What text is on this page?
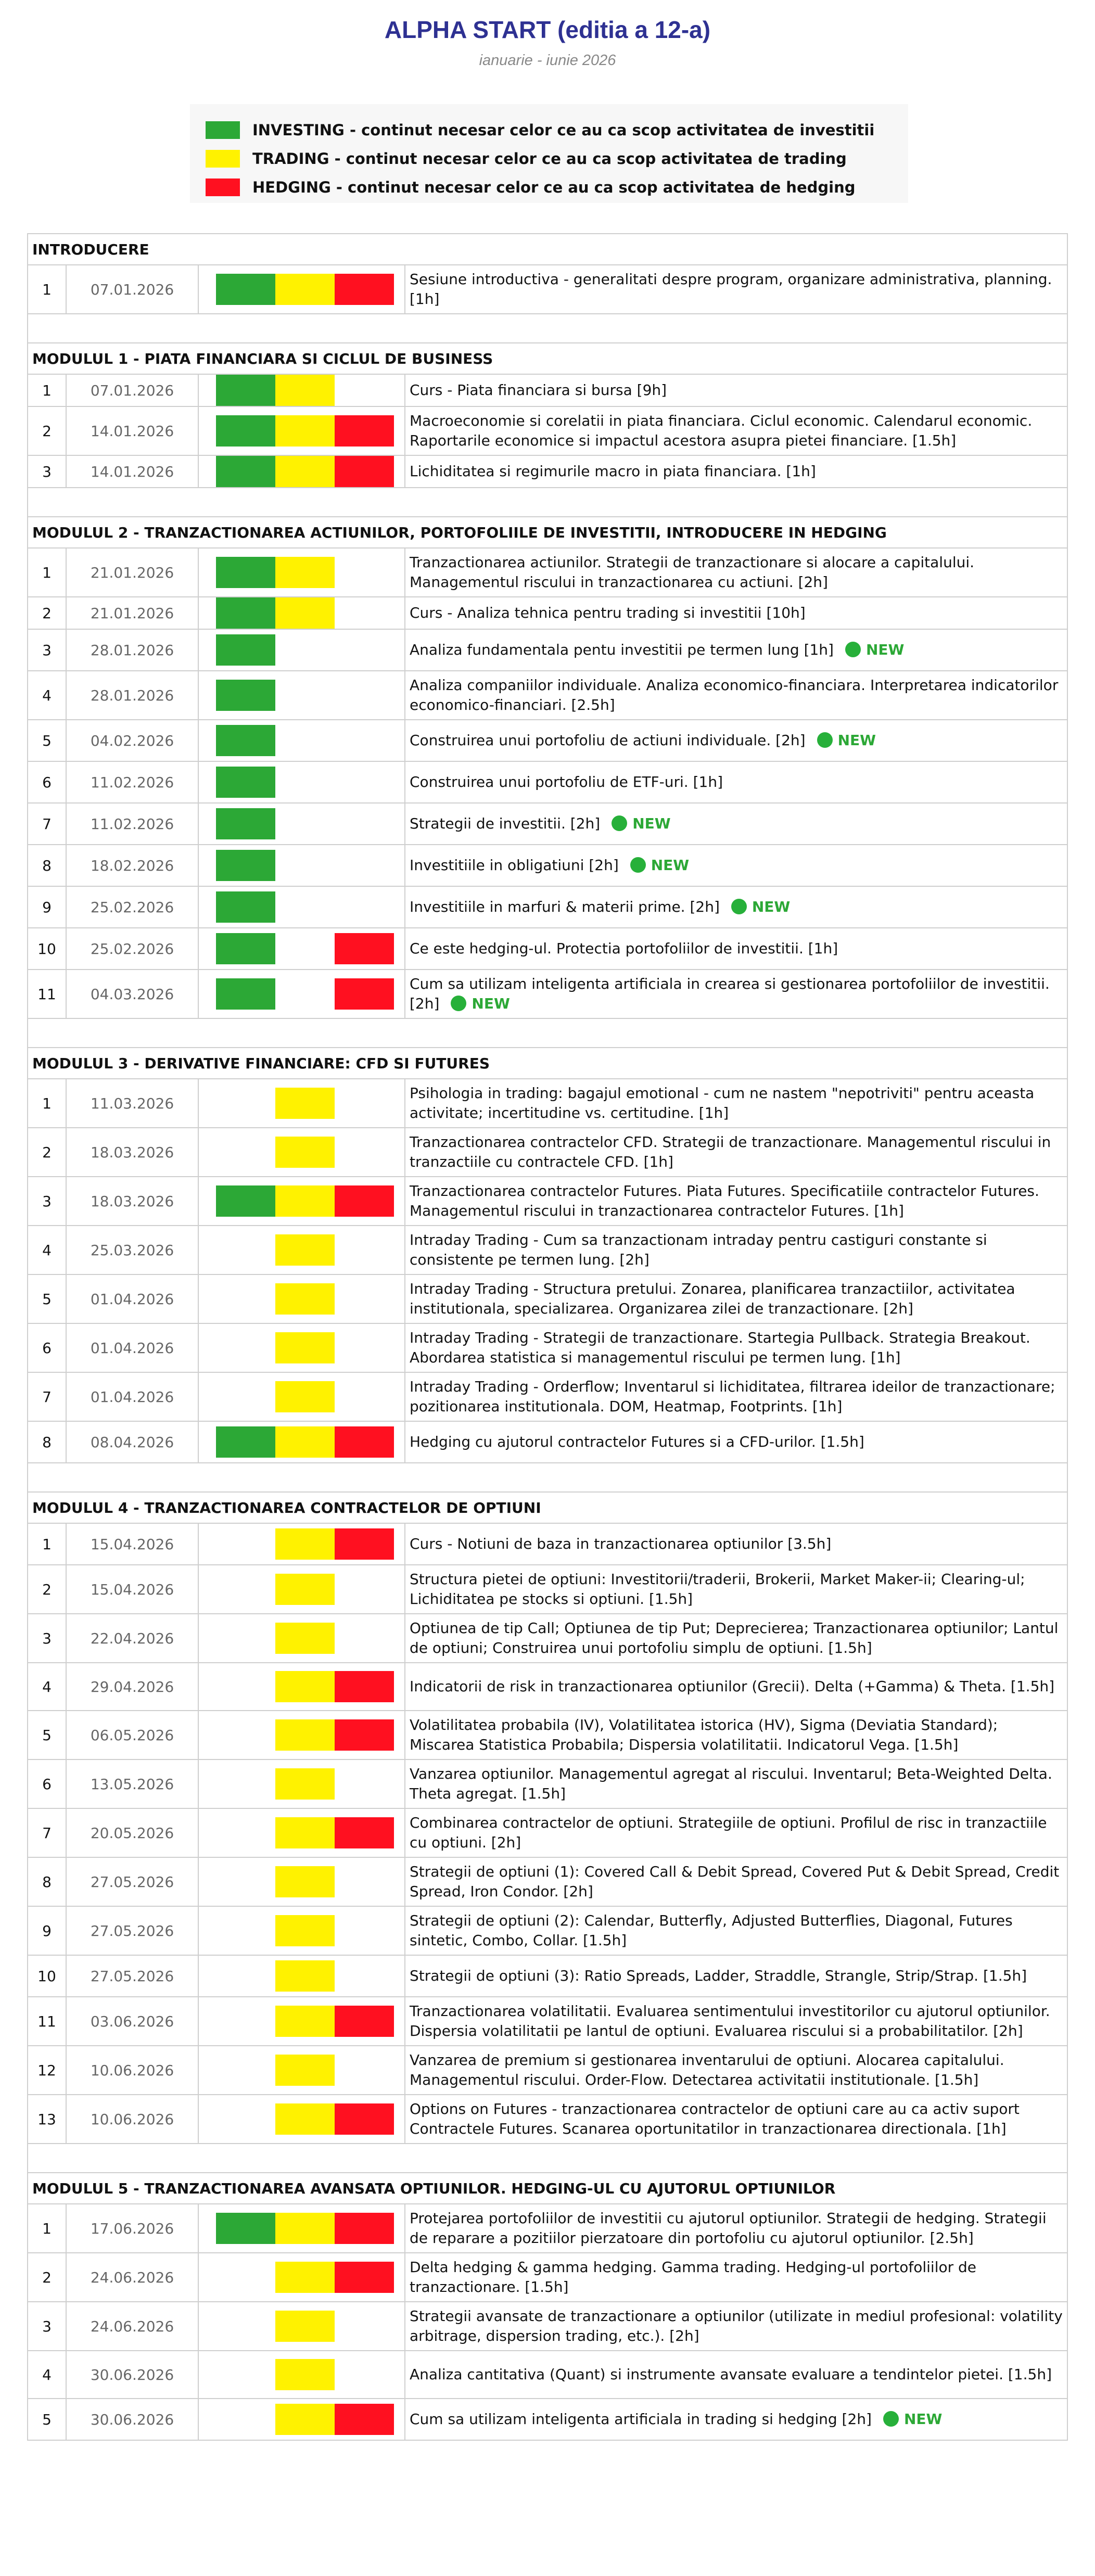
ALPHA START (editia a 12-a)
ianuarie - iunie 2026
INVESTING - continut necesar celor ce au ca scop activitatea de investitii
TRADING - continut necesar celor ce au ca scop activitatea de trading
HEDGING - continut necesar celor ce au ca scop activitatea de hedging
INTRODUCERE			
1	07.01.2026		Sesiune introductiva - generalitati despre program, organizare administrativa, planning. [1h]

MODULUL 1 - PIATA FINANCIARA SI CICLUL DE BUSINESS			
1	07.01.2026		Curs - Piata financiara si bursa [9h]
2	14.01.2026		Macroeconomie si corelatii in piata financiara. Ciclul economic. Calendarul economic. Raportarile economice si impactul acestora asupra pietei financiare. [1.5h]
3	14.01.2026		Lichiditatea si regimurile macro in piata financiara. [1h]

MODULUL 2 - TRANZACTIONAREA ACTIUNILOR, PORTOFOLIILE DE INVESTITII, INTRODUCERE IN HEDGING			
1	21.01.2026		Tranzactionarea actiunilor. Strategii de tranzactionare si alocare a capitalului. Managementul riscului in tranzactionarea cu actiuni. [2h]
2	21.01.2026		Curs - Analiza tehnica pentru trading si investitii [10h]
3	28.01.2026		Analiza fundamentala pentu investitii pe termen lung [1h] NEW
4	28.01.2026		Analiza companiilor individuale. Analiza economico-financiara. Interpretarea indicatorilor economico-financiari. [2.5h]
5	04.02.2026		Construirea unui portofoliu de actiuni individuale. [2h] NEW
6	11.02.2026		Construirea unui portofoliu de ETF-uri. [1h]
7	11.02.2026		Strategii de investitii. [2h] NEW
8	18.02.2026		Investitiile in obligatiuni [2h] NEW
9	25.02.2026		Investitiile in marfuri & materii prime. [2h] NEW
10	25.02.2026		Ce este hedging-ul. Protectia portofoliilor de investitii. [1h]
11	04.03.2026		Cum sa utilizam inteligenta artificiala in crearea si gestionarea portofoliilor de investitii. [2h] NEW

MODULUL 3 - DERIVATIVE FINANCIARE: CFD SI FUTURES			
1	11.03.2026		Psihologia in trading: bagajul emotional - cum ne nastem "nepotriviti" pentru aceasta activitate; incertitudine vs. certitudine. [1h]
2	18.03.2026		Tranzactionarea contractelor CFD. Strategii de tranzactionare. Managementul riscului in tranzactiile cu contractele CFD. [1h]
3	18.03.2026		Tranzactionarea contractelor Futures. Piata Futures. Specificatiile contractelor Futures. Managementul riscului in tranzactionarea contractelor Futures. [1h]
4	25.03.2026		Intraday Trading - Cum sa tranzactionam intraday pentru castiguri constante si consistente pe termen lung. [2h]
5	01.04.2026		Intraday Trading - Structura pretului. Zonarea, planificarea tranzactiilor, activitatea institutionala, specializarea. Organizarea zilei de tranzactionare. [2h]
6	01.04.2026		Intraday Trading - Strategii de tranzactionare. Startegia Pullback. Strategia Breakout. Abordarea statistica si managementul riscului pe termen lung. [1h]
7	01.04.2026		Intraday Trading - Orderflow; Inventarul si lichiditatea, filtrarea ideilor de tranzactionare; pozitionarea institutionala. DOM, Heatmap, Footprints. [1h]
8	08.04.2026		Hedging cu ajutorul contractelor Futures si a CFD-urilor. [1.5h]

MODULUL 4 - TRANZACTIONAREA CONTRACTELOR DE OPTIUNI			
1	15.04.2026		Curs - Notiuni de baza in tranzactionarea optiunilor [3.5h]
2	15.04.2026		Structura pietei de optiuni: Investitorii/traderii, Brokerii, Market Maker-ii; Clearing-ul; Lichiditatea pe stocks si optiuni. [1.5h]
3	22.04.2026		Optiunea de tip Call; Optiunea de tip Put; Deprecierea; Tranzactionarea optiunilor; Lantul de optiuni; Construirea unui portofoliu simplu de optiuni. [1.5h]
4	29.04.2026		Indicatorii de risk in tranzactionarea optiunilor (Grecii). Delta (+Gamma) & Theta. [1.5h]
5	06.05.2026		Volatilitatea probabila (IV), Volatilitatea istorica (HV), Sigma (Deviatia Standard); Miscarea Statistica Probabila; Dispersia volatilitatii. Indicatorul Vega. [1.5h]
6	13.05.2026		Vanzarea optiunilor. Managementul agregat al riscului. Inventarul; Beta-Weighted Delta. Theta agregat. [1.5h]
7	20.05.2026		Combinarea contractelor de optiuni. Strategiile de optiuni. Profilul de risc in tranzactiile cu optiuni. [2h]
8	27.05.2026		Strategii de optiuni (1): Covered Call & Debit Spread, Covered Put & Debit Spread, Credit Spread, Iron Condor. [2h]
9	27.05.2026		Strategii de optiuni (2): Calendar, Butterfly, Adjusted Butterflies, Diagonal, Futures sintetic, Combo, Collar. [1.5h]
10	27.05.2026		Strategii de optiuni (3): Ratio Spreads, Ladder, Straddle, Strangle, Strip/Strap. [1.5h]
11	03.06.2026		Tranzactionarea volatilitatii. Evaluarea sentimentului investitorilor cu ajutorul optiunilor. Dispersia volatilitatii pe lantul de optiuni. Evaluarea riscului si a probabilitatilor. [2h]
12	10.06.2026		Vanzarea de premium si gestionarea inventarului de optiuni. Alocarea capitalului. Managementul riscului. Order-Flow. Detectarea activitatii institutionale. [1.5h]
13	10.06.2026		Options on Futures - tranzactionarea contractelor de optiuni care au ca activ suport Contractele Futures. Scanarea oportunitatilor in tranzactionarea directionala. [1h]

MODULUL 5 - TRANZACTIONAREA AVANSATA OPTIUNILOR. HEDGING-UL CU AJUTORUL OPTIUNILOR			
1	17.06.2026		Protejarea portofoliilor de investitii cu ajutorul optiunilor. Strategii de hedging. Strategii de reparare a pozitiilor pierzatoare din portofoliu cu ajutorul optiunilor. [2.5h]
2	24.06.2026		Delta hedging & gamma hedging. Gamma trading. Hedging-ul portofoliilor de tranzactionare. [1.5h]
3	24.06.2026		Strategii avansate de tranzactionare a optiunilor (utilizate in mediul profesional: volatility arbitrage, dispersion trading, etc.). [2h]
4	30.06.2026		Analiza cantitativa (Quant) si instrumente avansate evaluare a tendintelor pietei. [1.5h]
5	30.06.2026		Cum sa utilizam inteligenta artificiala in trading si hedging [2h] NEW
